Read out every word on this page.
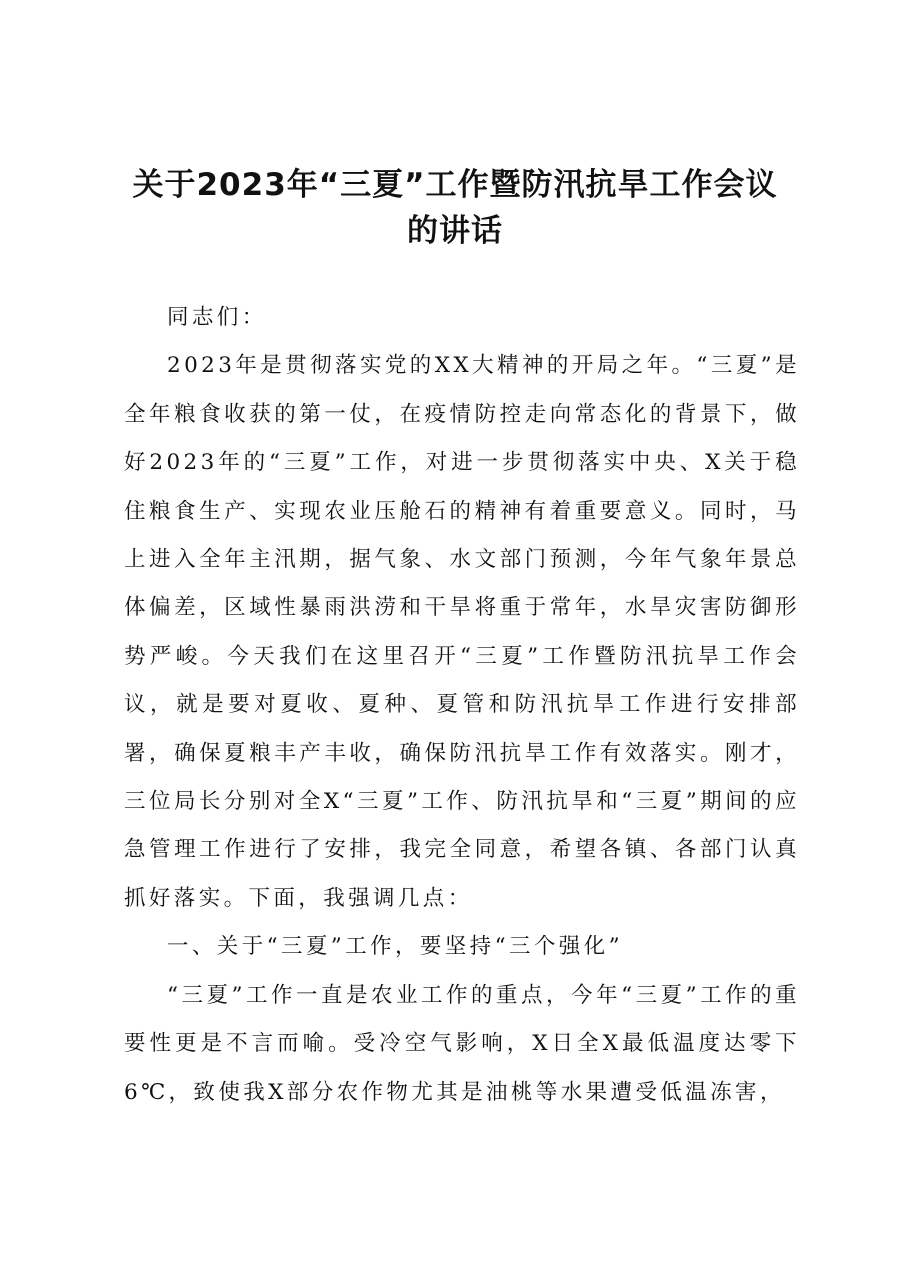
关于2023年“三夏”工作暨防汛抗旱工作会议的讲话

同志们：

2023年是贯彻落实党的XX大精神的开局之年。“三夏”是全年粮食收获的第一仗，在疫情防控走向常态化的背景下，做好2023年的“三夏”工作，对进一步贯彻落实中央、X关于稳住粮食生产、实现农业压舱石的精神有着重要意义。同时，马上进入全年主汛期，据气象、水文部门预测，今年气象年景总体偏差，区域性暴雨洪涝和干旱将重于常年，水旱灾害防御形势严峻。今天我们在这里召开“三夏”工作暨防汛抗旱工作会议，就是要对夏收、夏种、夏管和防汛抗旱工作进行安排部署，确保夏粮丰产丰收，确保防汛抗旱工作有效落实。刚才，三位局长分别对全X“三夏”工作、防汛抗旱和“三夏”期间的应急管理工作进行了安排，我完全同意，希望各镇、各部门认真抓好落实。下面，我强调几点：

一、关于“三夏”工作，要坚持“三个强化”

“三夏”工作一直是农业工作的重点，今年“三夏”工作的重要性更是不言而喻。受冷空气影响，X日全X最低温度达零下6℃，致使我X部分农作物尤其是油桃等水果遭受低温冻害，
